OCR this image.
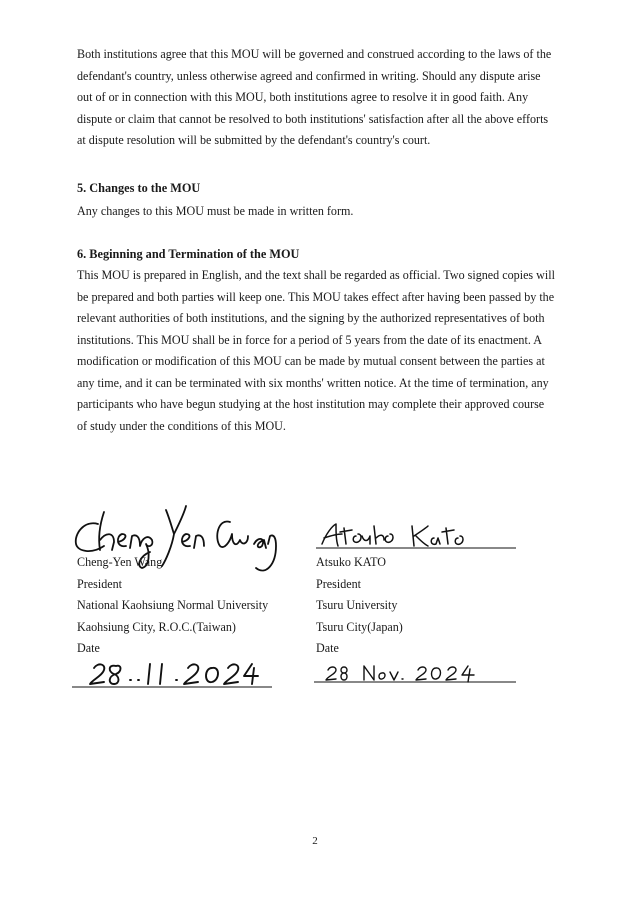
Both institutions agree that this MOU will be governed and construed according to the laws of the defendant's country, unless otherwise agreed and confirmed in writing. Should any dispute arise out of or in connection with this MOU, both institutions agree to resolve it in good faith. Any dispute or claim that cannot be resolved to both institutions' satisfaction after all the above efforts at dispute resolution will be submitted by the defendant's country's court.

5. Changes to the MOU

Any changes to this MOU must be made in written form.

6. Beginning and Termination of the MOU

This MOU is prepared in English, and the text shall be regarded as official. Two signed copies will be prepared and both parties will keep one. This MOU takes effect after having been passed by the relevant authorities of both institutions, and the signing by the authorized representatives of both institutions. This MOU shall be in force for a period of 5 years from the date of its enactment. A modification or modification of this MOU can be made by mutual consent between the parties at any time, and it can be terminated with six months' written notice. At the time of termination, any participants who have begun studying at the host institution may complete their approved course of study under the conditions of this MOU.

Cheng-Yen Wang
President
National Kaohsiung Normal University
Kaohsiung City, R.O.C.(Taiwan)
Date
Atsuko KATO
President
Tsuru University
Tsuru City(Japan)
Date
2
